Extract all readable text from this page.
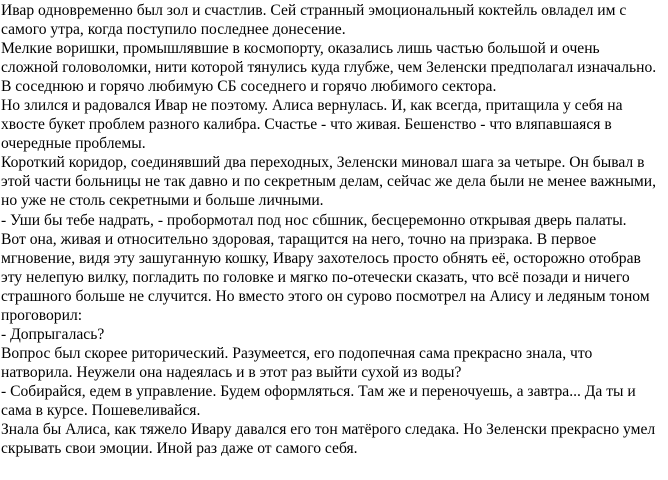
Ивар одновременно был зол и счастлив. Сей странный эмоциональный коктейль овладел им с
самого утра, когда поступило последнее донесение.
Мелкие воришки, промышлявшие в космопорту, оказались лишь частью большой и очень
сложной головоломки, нити которой тянулись куда глубже, чем Зеленски предполагал изначально.
В соседнюю и горячо любимую СБ соседнего и горячо любимого сектора.
Но злился и радовался Ивар не поэтому. Алиса вернулась. И, как всегда, притащила у себя на
хвосте букет проблем разного калибра. Счастье - что живая. Бешенство - что вляпавшаяся в
очередные проблемы.
Короткий коридор, соединявший два переходных, Зеленски миновал шага за четыре. Он бывал в
этой части больницы не так давно и по секретным делам, сейчас же дела были не менее важными,
но уже не столь секретными и больше личными.
- Уши бы тебе надрать, - пробормотал под нос сбшник, бесцеремонно открывая дверь палаты.
Вот она, живая и относительно здоровая, таращится на него, точно на призрака. В первое
мгновение, видя эту зашуганную кошку, Ивару захотелось просто обнять её, осторожно отобрав
эту нелепую вилку, погладить по головке и мягко по-отечески сказать, что всё позади и ничего
страшного больше не случится. Но вместо этого он сурово посмотрел на Алису и ледяным тоном
проговорил:
- Допрыгалась?
Вопрос был скорее риторический. Разумеется, его подопечная сама прекрасно знала, что
натворила. Неужели она надеялась и в этот раз выйти сухой из воды?
- Собирайся, едем в управление. Будем оформляться. Там же и переночуешь, а завтра... Да ты и
сама в курсе. Пошевеливайся.
Знала бы Алиса, как тяжело Ивару давался его тон матёрого следака. Но Зеленски прекрасно умел
скрывать свои эмоции. Иной раз даже от самого себя.
